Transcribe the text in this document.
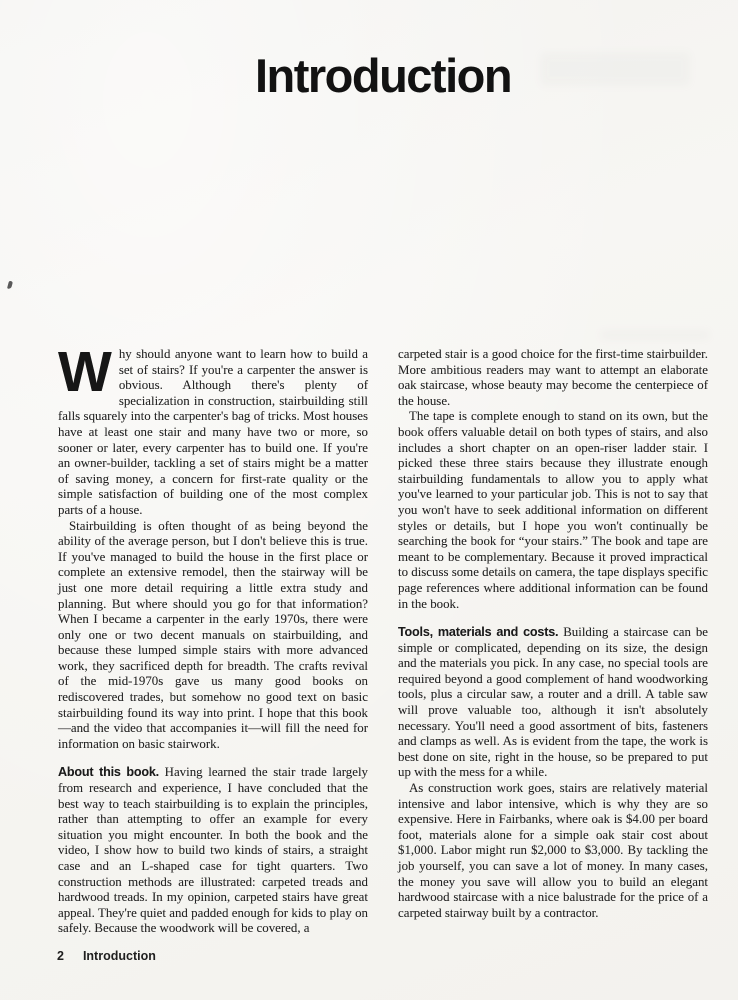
Introduction

Why should anyone want to learn how to build a set of stairs? If you're a carpenter the answer is obvious. Although there's plenty of specialization in construction, stairbuilding still falls squarely into the carpenter's bag of tricks. Most houses have at least one stair and many have two or more, so sooner or later, every carpenter has to build one. If you're an owner-builder, tackling a set of stairs might be a matter of saving money, a concern for first-rate quality or the simple satisfaction of building one of the most complex parts of a house.

Stairbuilding is often thought of as being beyond the ability of the average person, but I don't believe this is true. If you've managed to build the house in the first place or complete an extensive remodel, then the stairway will be just one more detail requiring a little extra study and planning. But where should you go for that information? When I became a carpenter in the early 1970s, there were only one or two decent manuals on stairbuilding, and because these lumped simple stairs with more advanced work, they sacrificed depth for breadth. The crafts revival of the mid-1970s gave us many good books on rediscovered trades, but somehow no good text on basic stairbuilding found its way into print. I hope that this book—and the video that accompanies it—will fill the need for information on basic stairwork.

About this book. Having learned the stair trade largely from research and experience, I have concluded that the best way to teach stairbuilding is to explain the principles, rather than attempting to offer an example for every situation you might encounter. In both the book and the video, I show how to build two kinds of stairs, a straight case and an L-shaped case for tight quarters. Two construction methods are illustrated: carpeted treads and hardwood treads. In my opinion, carpeted stairs have great appeal. They're quiet and padded enough for kids to play on safely. Because the woodwork will be covered, a

carpeted stair is a good choice for the first-time stairbuilder. More ambitious readers may want to attempt an elaborate oak staircase, whose beauty may become the centerpiece of the house.

The tape is complete enough to stand on its own, but the book offers valuable detail on both types of stairs, and also includes a short chapter on an open-riser ladder stair. I picked these three stairs because they illustrate enough stairbuilding fundamentals to allow you to apply what you've learned to your particular job. This is not to say that you won't have to seek additional information on different styles or details, but I hope you won't continually be searching the book for “your stairs.” The book and tape are meant to be complementary. Because it proved impractical to discuss some details on camera, the tape displays specific page references where additional information can be found in the book.

Tools, materials and costs. Building a staircase can be simple or complicated, depending on its size, the design and the materials you pick. In any case, no special tools are required beyond a good complement of hand woodworking tools, plus a circular saw, a router and a drill. A table saw will prove valuable too, although it isn't absolutely necessary. You'll need a good assortment of bits, fasteners and clamps as well. As is evident from the tape, the work is best done on site, right in the house, so be prepared to put up with the mess for a while.

As construction work goes, stairs are relatively material intensive and labor intensive, which is why they are so expensive. Here in Fairbanks, where oak is $4.00 per board foot, materials alone for a simple oak stair cost about $1,000. Labor might run $2,000 to $3,000. By tackling the job yourself, you can save a lot of money. In many cases, the money you save will allow you to build an elegant hardwood staircase with a nice balustrade for the price of a carpeted stairway built by a contractor.

2 Introduction
